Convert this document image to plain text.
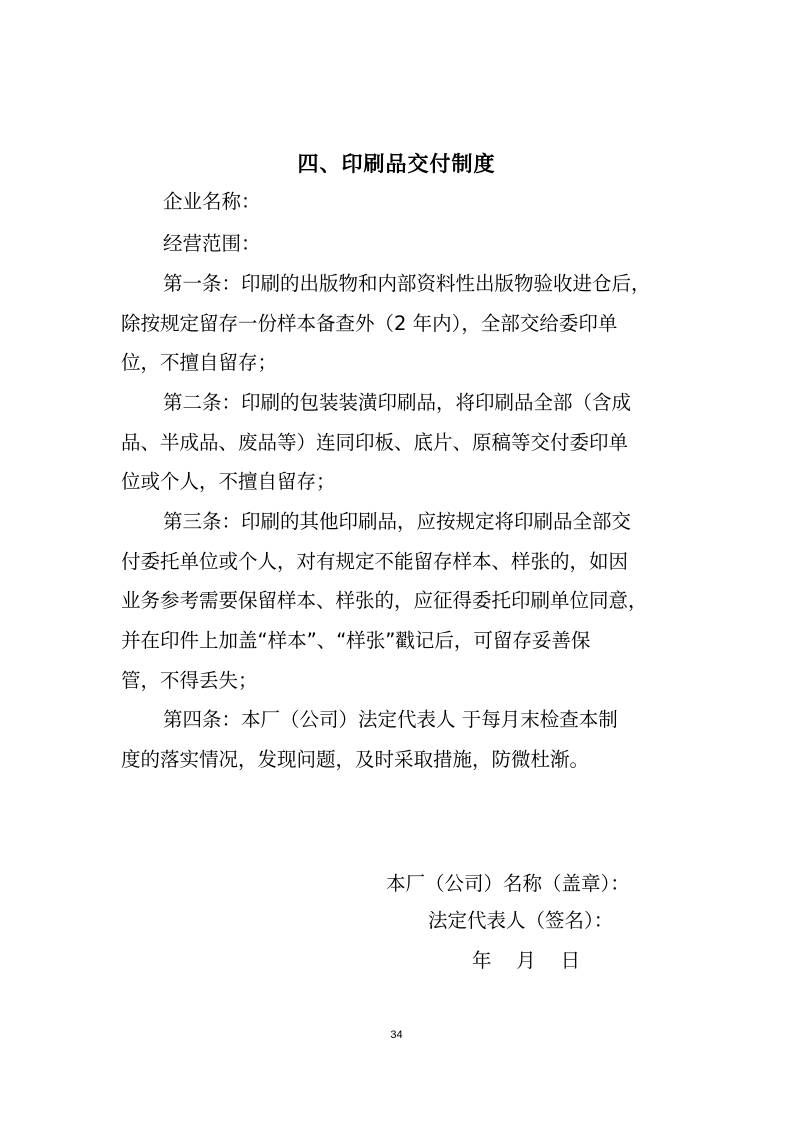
四、印刷品交付制度

企业名称：

经营范围：

第一条：印刷的出版物和内部资料性出版物验收进仓后，

除按规定留存一份样本备查外（2 年内），全部交给委印单

位，不擅自留存；

第二条：印刷的包装装潢印刷品，将印刷品全部（含成

品、半成品、废品等）连同印板、底片、原稿等交付委印单

位或个人，不擅自留存；

第三条：印刷的其他印刷品，应按规定将印刷品全部交

付委托单位或个人，对有规定不能留存样本、样张的，如因

业务参考需要保留样本、样张的，应征得委托印刷单位同意，

并在印件上加盖“样本”、“样张”戳记后，可留存妥善保

管，不得丢失；

第四条：本厂（公司）法定代表人 于每月末检查本制

度的落实情况，发现问题，及时采取措施，防微杜渐。

本厂（公司）名称（盖章）：

法定代表人（签名）：

年    月    日

34
